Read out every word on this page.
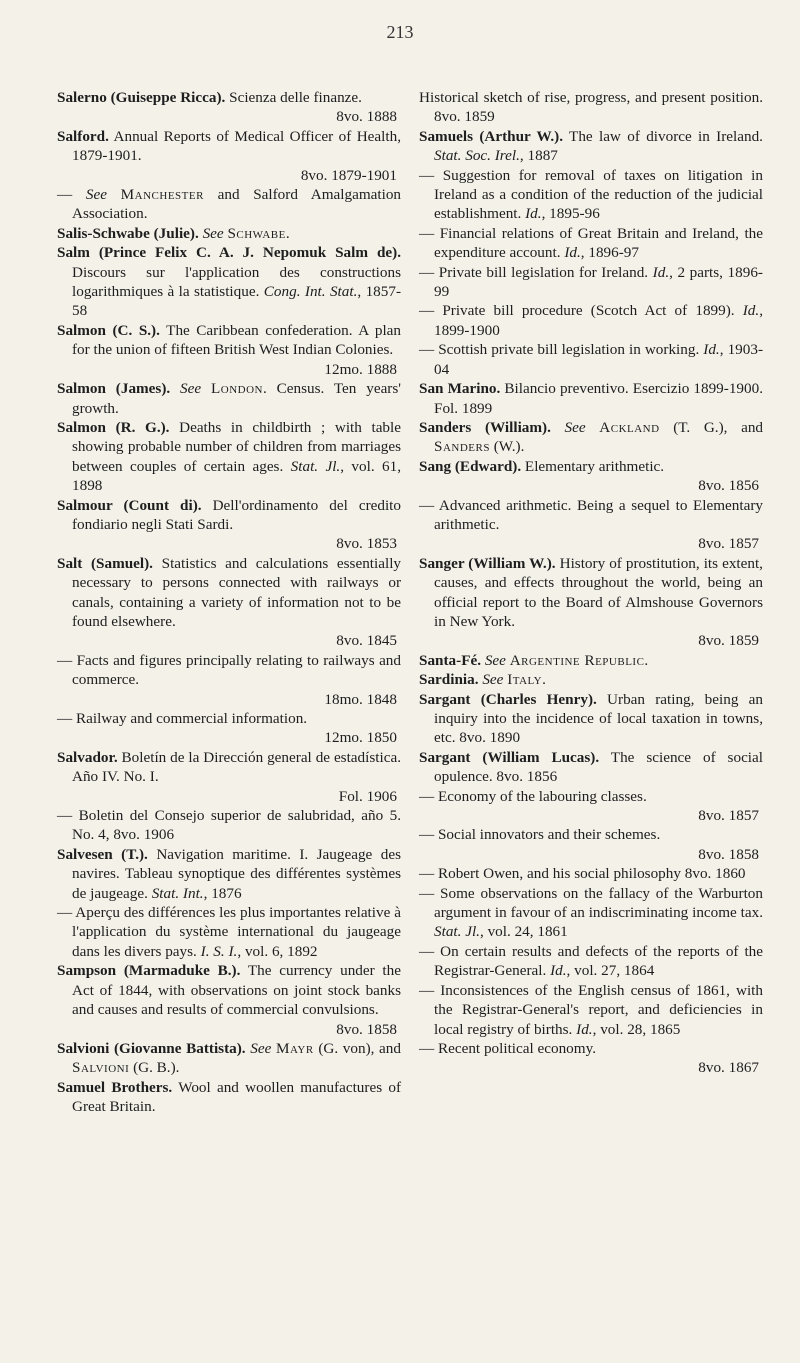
213

Salerno (Guiseppe Ricca). Scienza delle finanze.
8vo. 1888

Salford. Annual Reports of Medical Officer of Health, 1879-1901.
8vo. 1879-1901

— See Manchester and Salford Amalgamation Association.

Salis-Schwabe (Julie). See Schwabe.

Salm (Prince Felix C. A. J. Nepomuk Salm de). Discours sur l'application des constructions logarithmiques à la statistique. Cong. Int. Stat., 1857-58

Salmon (C. S.). The Caribbean confederation. A plan for the union of fifteen British West Indian Colonies.
12mo. 1888

Salmon (James). See London. Census. Ten years' growth.

Salmon (R. G.). Deaths in childbirth ; with table showing probable number of children from marriages between couples of certain ages. Stat. Jl., vol. 61, 1898

Salmour (Count di). Dell'ordinamento del credito fondiario negli Stati Sardi.
8vo. 1853

Salt (Samuel). Statistics and calculations essentially necessary to persons connected with railways or canals, containing a variety of information not to be found elsewhere.
8vo. 1845

— Facts and figures principally relating to railways and commerce.
18mo. 1848

— Railway and commercial information.
12mo. 1850

Salvador. Boletín de la Dirección general de estadística. Año IV. No. I.
Fol. 1906

— Boletin del Consejo superior de salubridad, año 5. No. 4, 8vo. 1906

Salvesen (T.). Navigation maritime. I. Jaugeage des navires. Tableau synoptique des différentes systèmes de jaugeage. Stat. Int., 1876

— Aperçu des différences les plus importantes relative à l'application du système international du jaugeage dans les divers pays. I. S. I., vol. 6, 1892

Sampson (Marmaduke B.). The currency under the Act of 1844, with observations on joint stock banks and causes and results of commercial convulsions.
8vo. 1858

Salvioni (Giovanne Battista). See Mayr (G. von), and Salvioni (G. B.).

Samuel Brothers. Wool and woollen manufactures of Great Britain.

Historical sketch of rise, progress, and present position. 8vo. 1859

Samuels (Arthur W.). The law of divorce in Ireland. Stat. Soc. Irel., 1887

— Suggestion for removal of taxes on litigation in Ireland as a condition of the reduction of the judicial establishment. Id., 1895-96

— Financial relations of Great Britain and Ireland, the expenditure account. Id., 1896-97

— Private bill legislation for Ireland. Id., 2 parts, 1896-99

— Private bill procedure (Scotch Act of 1899). Id., 1899-1900

— Scottish private bill legislation in working. Id., 1903-04

San Marino. Bilancio preventivo. Esercizio 1899-1900. Fol. 1899

Sanders (William). See Ackland (T. G.), and Sanders (W.).

Sang (Edward). Elementary arithmetic.
8vo. 1856

— Advanced arithmetic. Being a sequel to Elementary arithmetic.
8vo. 1857

Sanger (William W.). History of prostitution, its extent, causes, and effects throughout the world, being an official report to the Board of Almshouse Governors in New York.
8vo. 1859

Santa-Fé. See Argentine Republic.

Sardinia. See Italy.

Sargant (Charles Henry). Urban rating, being an inquiry into the incidence of local taxation in towns, etc. 8vo. 1890

Sargant (William Lucas). The science of social opulence. 8vo. 1856

— Economy of the labouring classes.
8vo. 1857

— Social innovators and their schemes.
8vo. 1858

— Robert Owen, and his social philosophy 8vo. 1860

— Some observations on the fallacy of the Warburton argument in favour of an indiscriminating income tax. Stat. Jl., vol. 24, 1861

— On certain results and defects of the reports of the Registrar-General. Id., vol. 27, 1864

— Inconsistences of the English census of 1861, with the Registrar-General's report, and deficiencies in local registry of births. Id., vol. 28, 1865

— Recent political economy.
8vo. 1867
